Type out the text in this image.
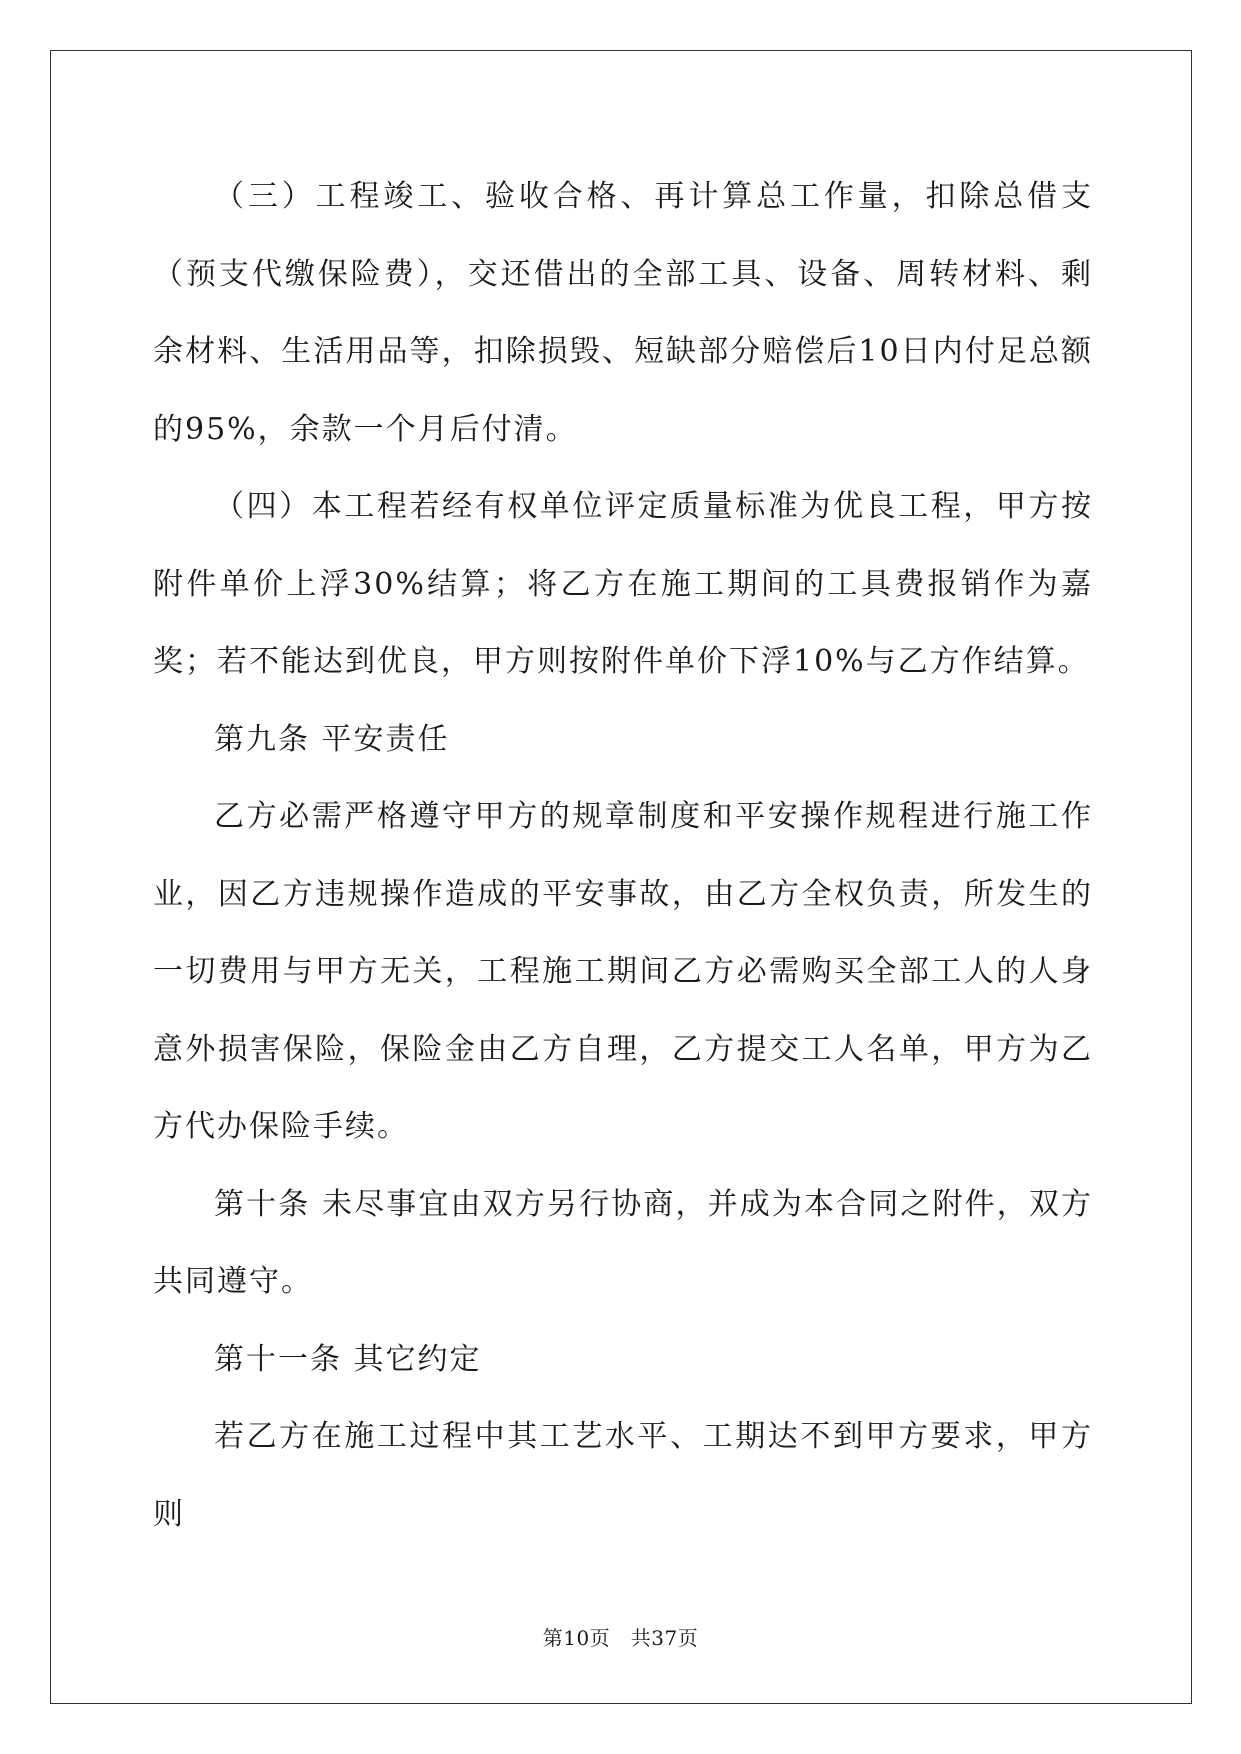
（三）工程竣工、验收合格、再计算总工作量，扣除总借支（预支代缴保险费），交还借出的全部工具、设备、周转材料、剩余材料、生活用品等，扣除损毁、短缺部分赔偿后10日内付足总额的95%，余款一个月后付清。

（四）本工程若经有权单位评定质量标准为优良工程，甲方按附件单价上浮30%结算；将乙方在施工期间的工具费报销作为嘉奖；若不能达到优良，甲方则按附件单价下浮10%与乙方作结算。

第九条 平安责任

乙方必需严格遵守甲方的规章制度和平安操作规程进行施工作业，因乙方违规操作造成的平安事故，由乙方全权负责，所发生的一切费用与甲方无关，工程施工期间乙方必需购买全部工人的人身意外损害保险，保险金由乙方自理，乙方提交工人名单，甲方为乙方代办保险手续。

第十条 未尽事宜由双方另行协商，并成为本合同之附件，双方共同遵守。

第十一条 其它约定

若乙方在施工过程中其工艺水平、工期达不到甲方要求，甲方则

第10页　共37页
